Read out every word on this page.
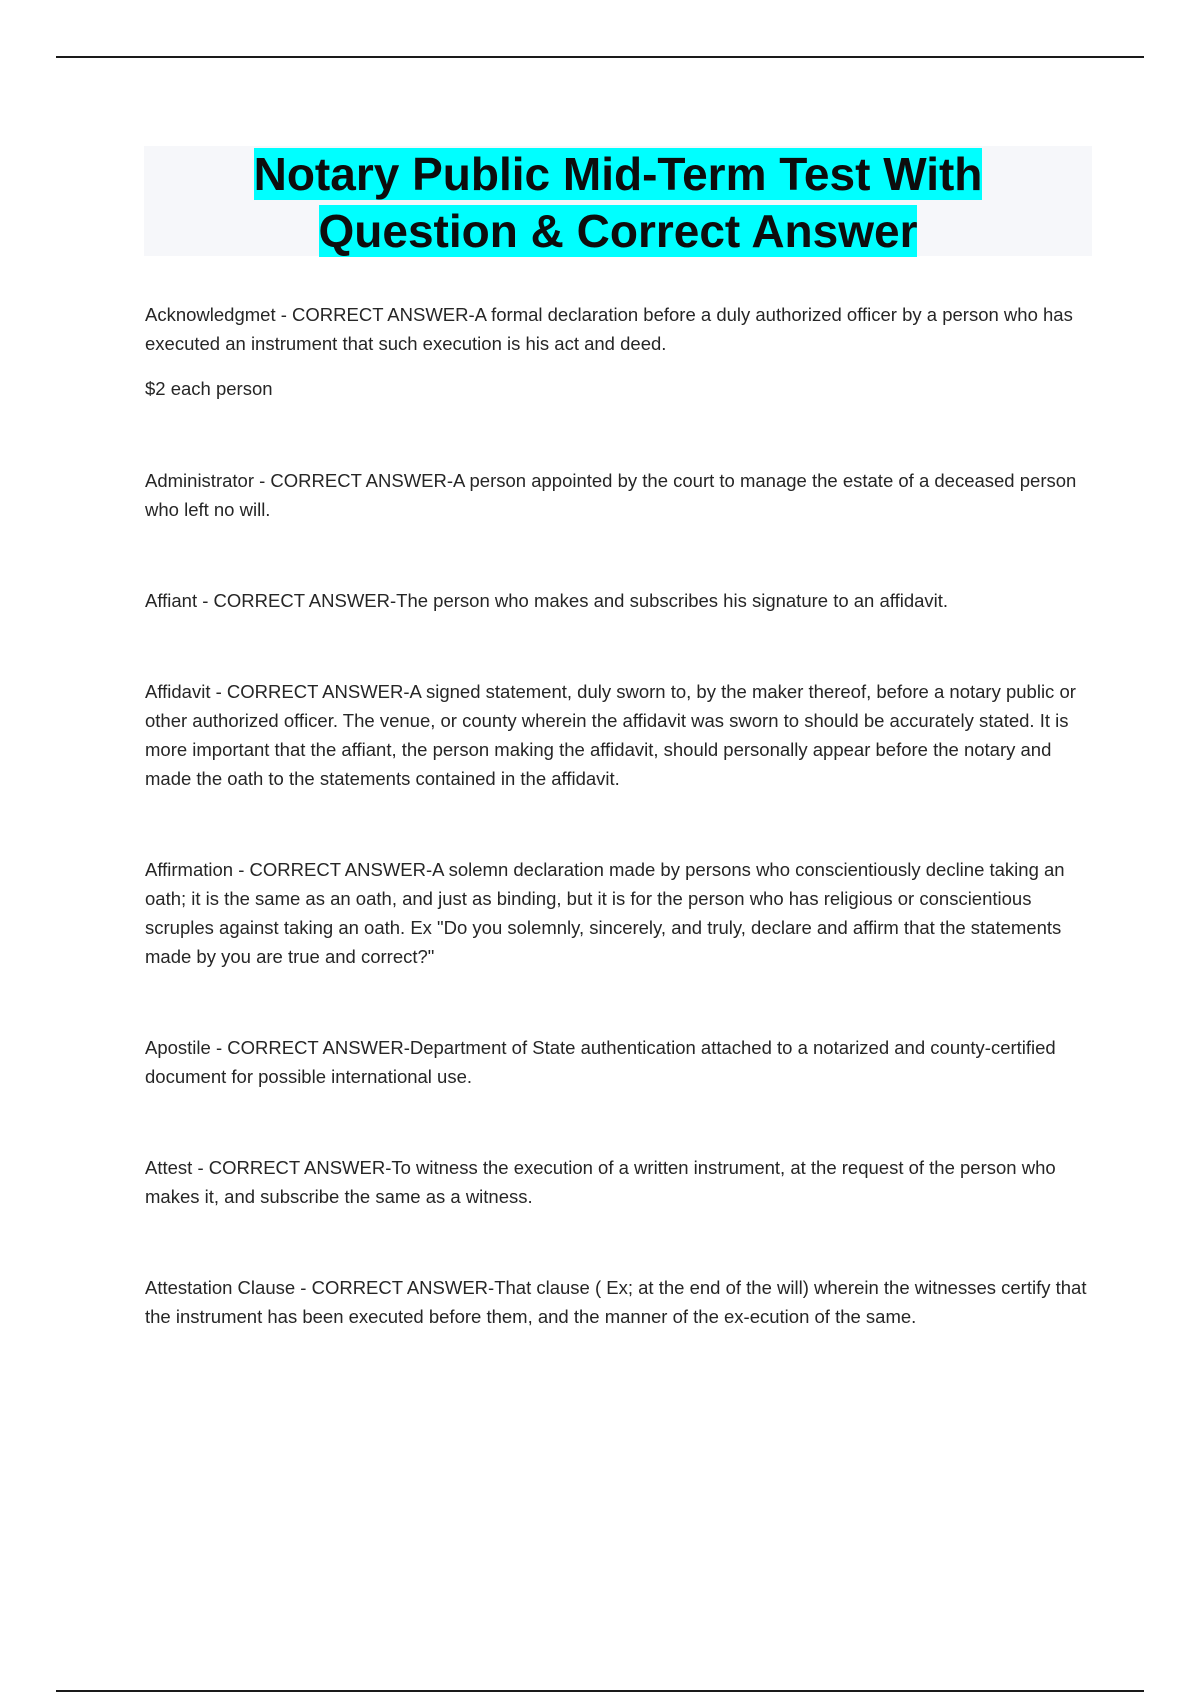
Notary Public Mid-Term Test With Question & Correct Answer

Acknowledgmet - CORRECT ANSWER-A formal declaration before a duly authorized officer by a person who has executed an instrument that such execution is his act and deed.

$2 each person

Administrator - CORRECT ANSWER-A person appointed by the court to manage the estate of a deceased person who left no will.

Affiant - CORRECT ANSWER-The person who makes and subscribes his signature to an affidavit.

Affidavit - CORRECT ANSWER-A signed statement, duly sworn to, by the maker thereof, before a notary public or other authorized officer. The venue, or county wherein the affidavit was sworn to should be accurately stated. It is more important that the affiant, the person making the affidavit, should personally appear before the notary and made the oath to the statements contained in the affidavit.

Affirmation - CORRECT ANSWER-A solemn declaration made by persons who conscientiously decline taking an oath; it is the same as an oath, and just as binding, but it is for the person who has religious or conscientious scruples against taking an oath. Ex "Do you solemnly, sincerely, and truly, declare and affirm that the statements made by you are true and correct?"

Apostile - CORRECT ANSWER-Department of State authentication attached to a notarized and county-certified document for possible international use.

Attest - CORRECT ANSWER-To witness the execution of a written instrument, at the request of the person who makes it, and subscribe the same as a witness.

Attestation Clause - CORRECT ANSWER-That clause ( Ex; at the end of the will) wherein the witnesses certify that the instrument has been executed before them, and the manner of the ex-ecution of the same.
